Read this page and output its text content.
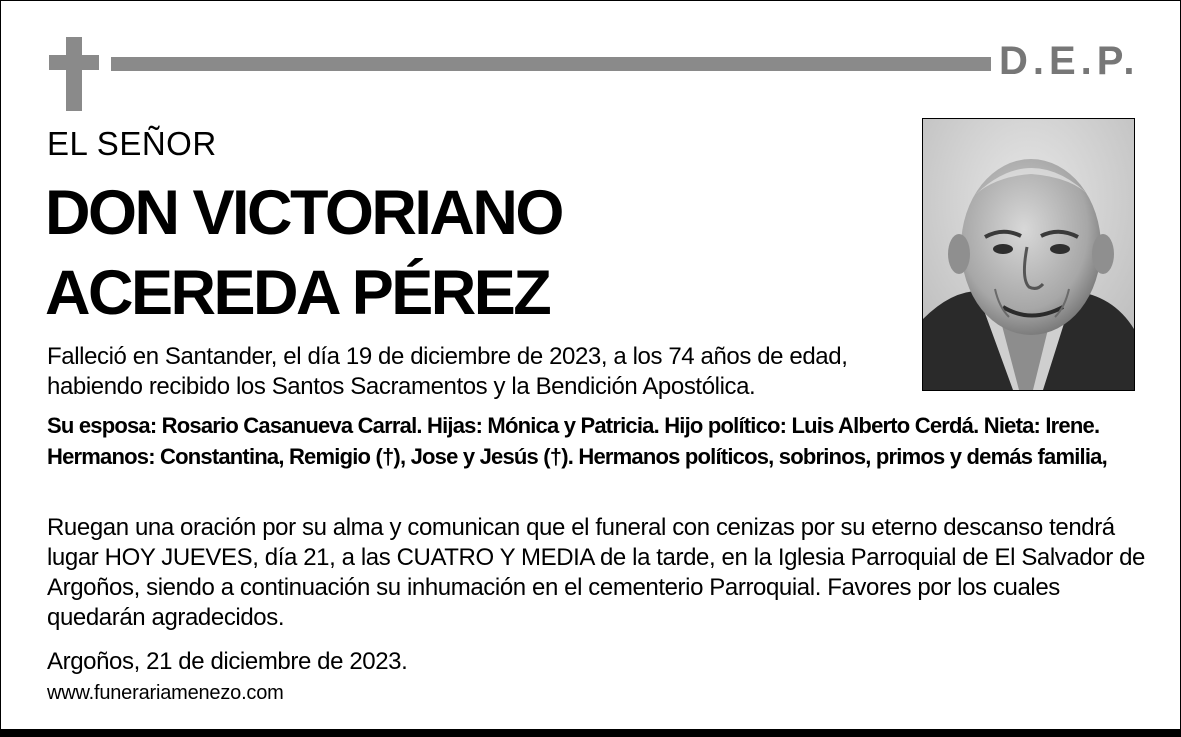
D.E.P.
EL SEÑOR
DON VICTORIANO
ACEREDA PÉREZ
Falleció en Santander, el día 19 de diciembre de 2023, a los 74 años de edad, habiendo recibido los Santos Sacramentos y la Bendición Apostólica.
Su esposa: Rosario Casanueva Carral. Hijas: Mónica y Patricia. Hijo político: Luis Alberto Cerdá. Nieta: Irene. Hermanos: Constantina, Remigio (†), Jose y Jesús (†). Hermanos políticos, sobrinos, primos y demás familia,
Ruegan una oración por su alma y comunican que el funeral con cenizas por su eterno descanso tendrá lugar HOY JUEVES, día 21, a las CUATRO Y MEDIA de la tarde, en la Iglesia Parroquial de El Salvador de Argoños, siendo a continuación su inhumación en el cementerio Parroquial. Favores por los cuales quedarán agradecidos.
Argoños, 21 de diciembre de 2023.
www.funerariamenezo.com
